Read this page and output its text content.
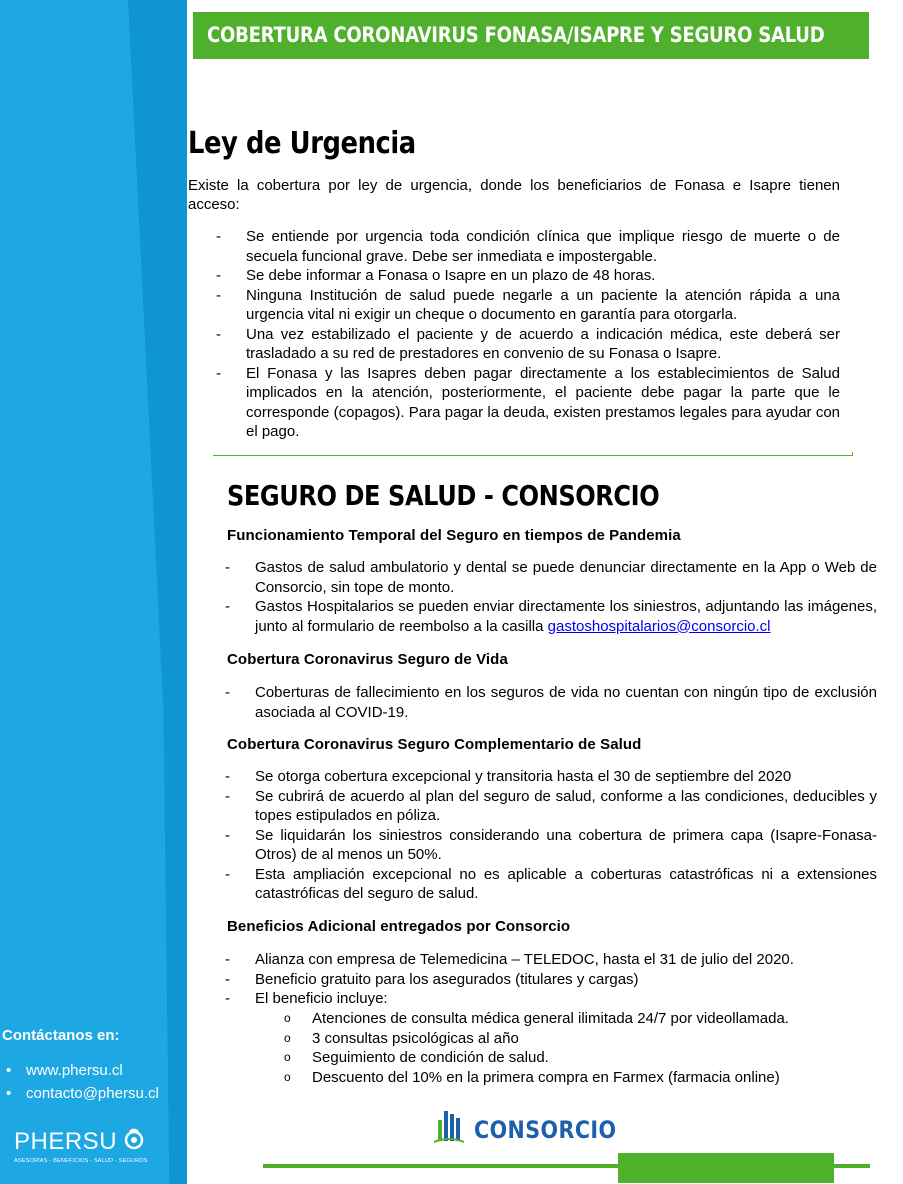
Contáctanos en:
• www.phersu.cl
• contacto@phersu.cl
PHERSU
ASESORÍAS - BENEFICIOS - SALUD - SEGUROS
COBERTURA CORONAVIRUS FONASA/ISAPRE Y SEGURO SALUD
Ley de Urgencia
Existe la cobertura por ley de urgencia, donde los beneficiarios de Fonasa e Isapre tienen acceso:
- Se entiende por urgencia toda condición clínica que implique riesgo de muerte o de secuela funcional grave. Debe ser inmediata e impostergable.
- Se debe informar a Fonasa o Isapre en un plazo de 48 horas.
- Ninguna Institución de salud puede negarle a un paciente la atención rápida a una urgencia vital ni exigir un cheque o documento en garantía para otorgarla.
- Una vez estabilizado el paciente y de acuerdo a indicación médica, este deberá ser trasladado a su red de prestadores en convenio de su Fonasa o Isapre.
- El Fonasa y las Isapres deben pagar directamente a los establecimientos de Salud implicados en la atención, posteriormente, el paciente debe pagar la parte que le corresponde (copagos). Para pagar la deuda, existen prestamos legales para ayudar con el pago.
SEGURO DE SALUD - CONSORCIO
Funcionamiento Temporal del Seguro en tiempos de Pandemia
- Gastos de salud ambulatorio y dental se puede denunciar directamente en la App o Web de Consorcio, sin tope de monto.
- Gastos Hospitalarios se pueden enviar directamente los siniestros, adjuntando las imágenes, junto al formulario de reembolso a la casilla gastoshospitalarios@consorcio.cl
Cobertura Coronavirus Seguro de Vida
- Coberturas de fallecimiento en los seguros de vida no cuentan con ningún tipo de exclusión asociada al COVID-19.
Cobertura Coronavirus Seguro Complementario de Salud
- Se otorga cobertura excepcional y transitoria hasta el 30 de septiembre del 2020
- Se cubrirá de acuerdo al plan del seguro de salud, conforme a las condiciones, deducibles y topes estipulados en póliza.
- Se liquidarán los siniestros considerando una cobertura de primera capa (Isapre-Fonasa-Otros) de al menos un 50%.
- Esta ampliación excepcional no es aplicable a coberturas catastróficas ni a extensiones catastróficas del seguro de salud.
Beneficios Adicional entregados por Consorcio
- Alianza con empresa de Telemedicina – TELEDOC, hasta el 31 de julio del 2020.
- Beneficio gratuito para los asegurados (titulares y cargas)
- El beneficio incluye:
o Atenciones de consulta médica general ilimitada 24/7 por videollamada.
o 3 consultas psicológicas al año
o Seguimiento de condición de salud.
o Descuento del 10% en la primera compra en Farmex (farmacia online)
CONSORCIO
